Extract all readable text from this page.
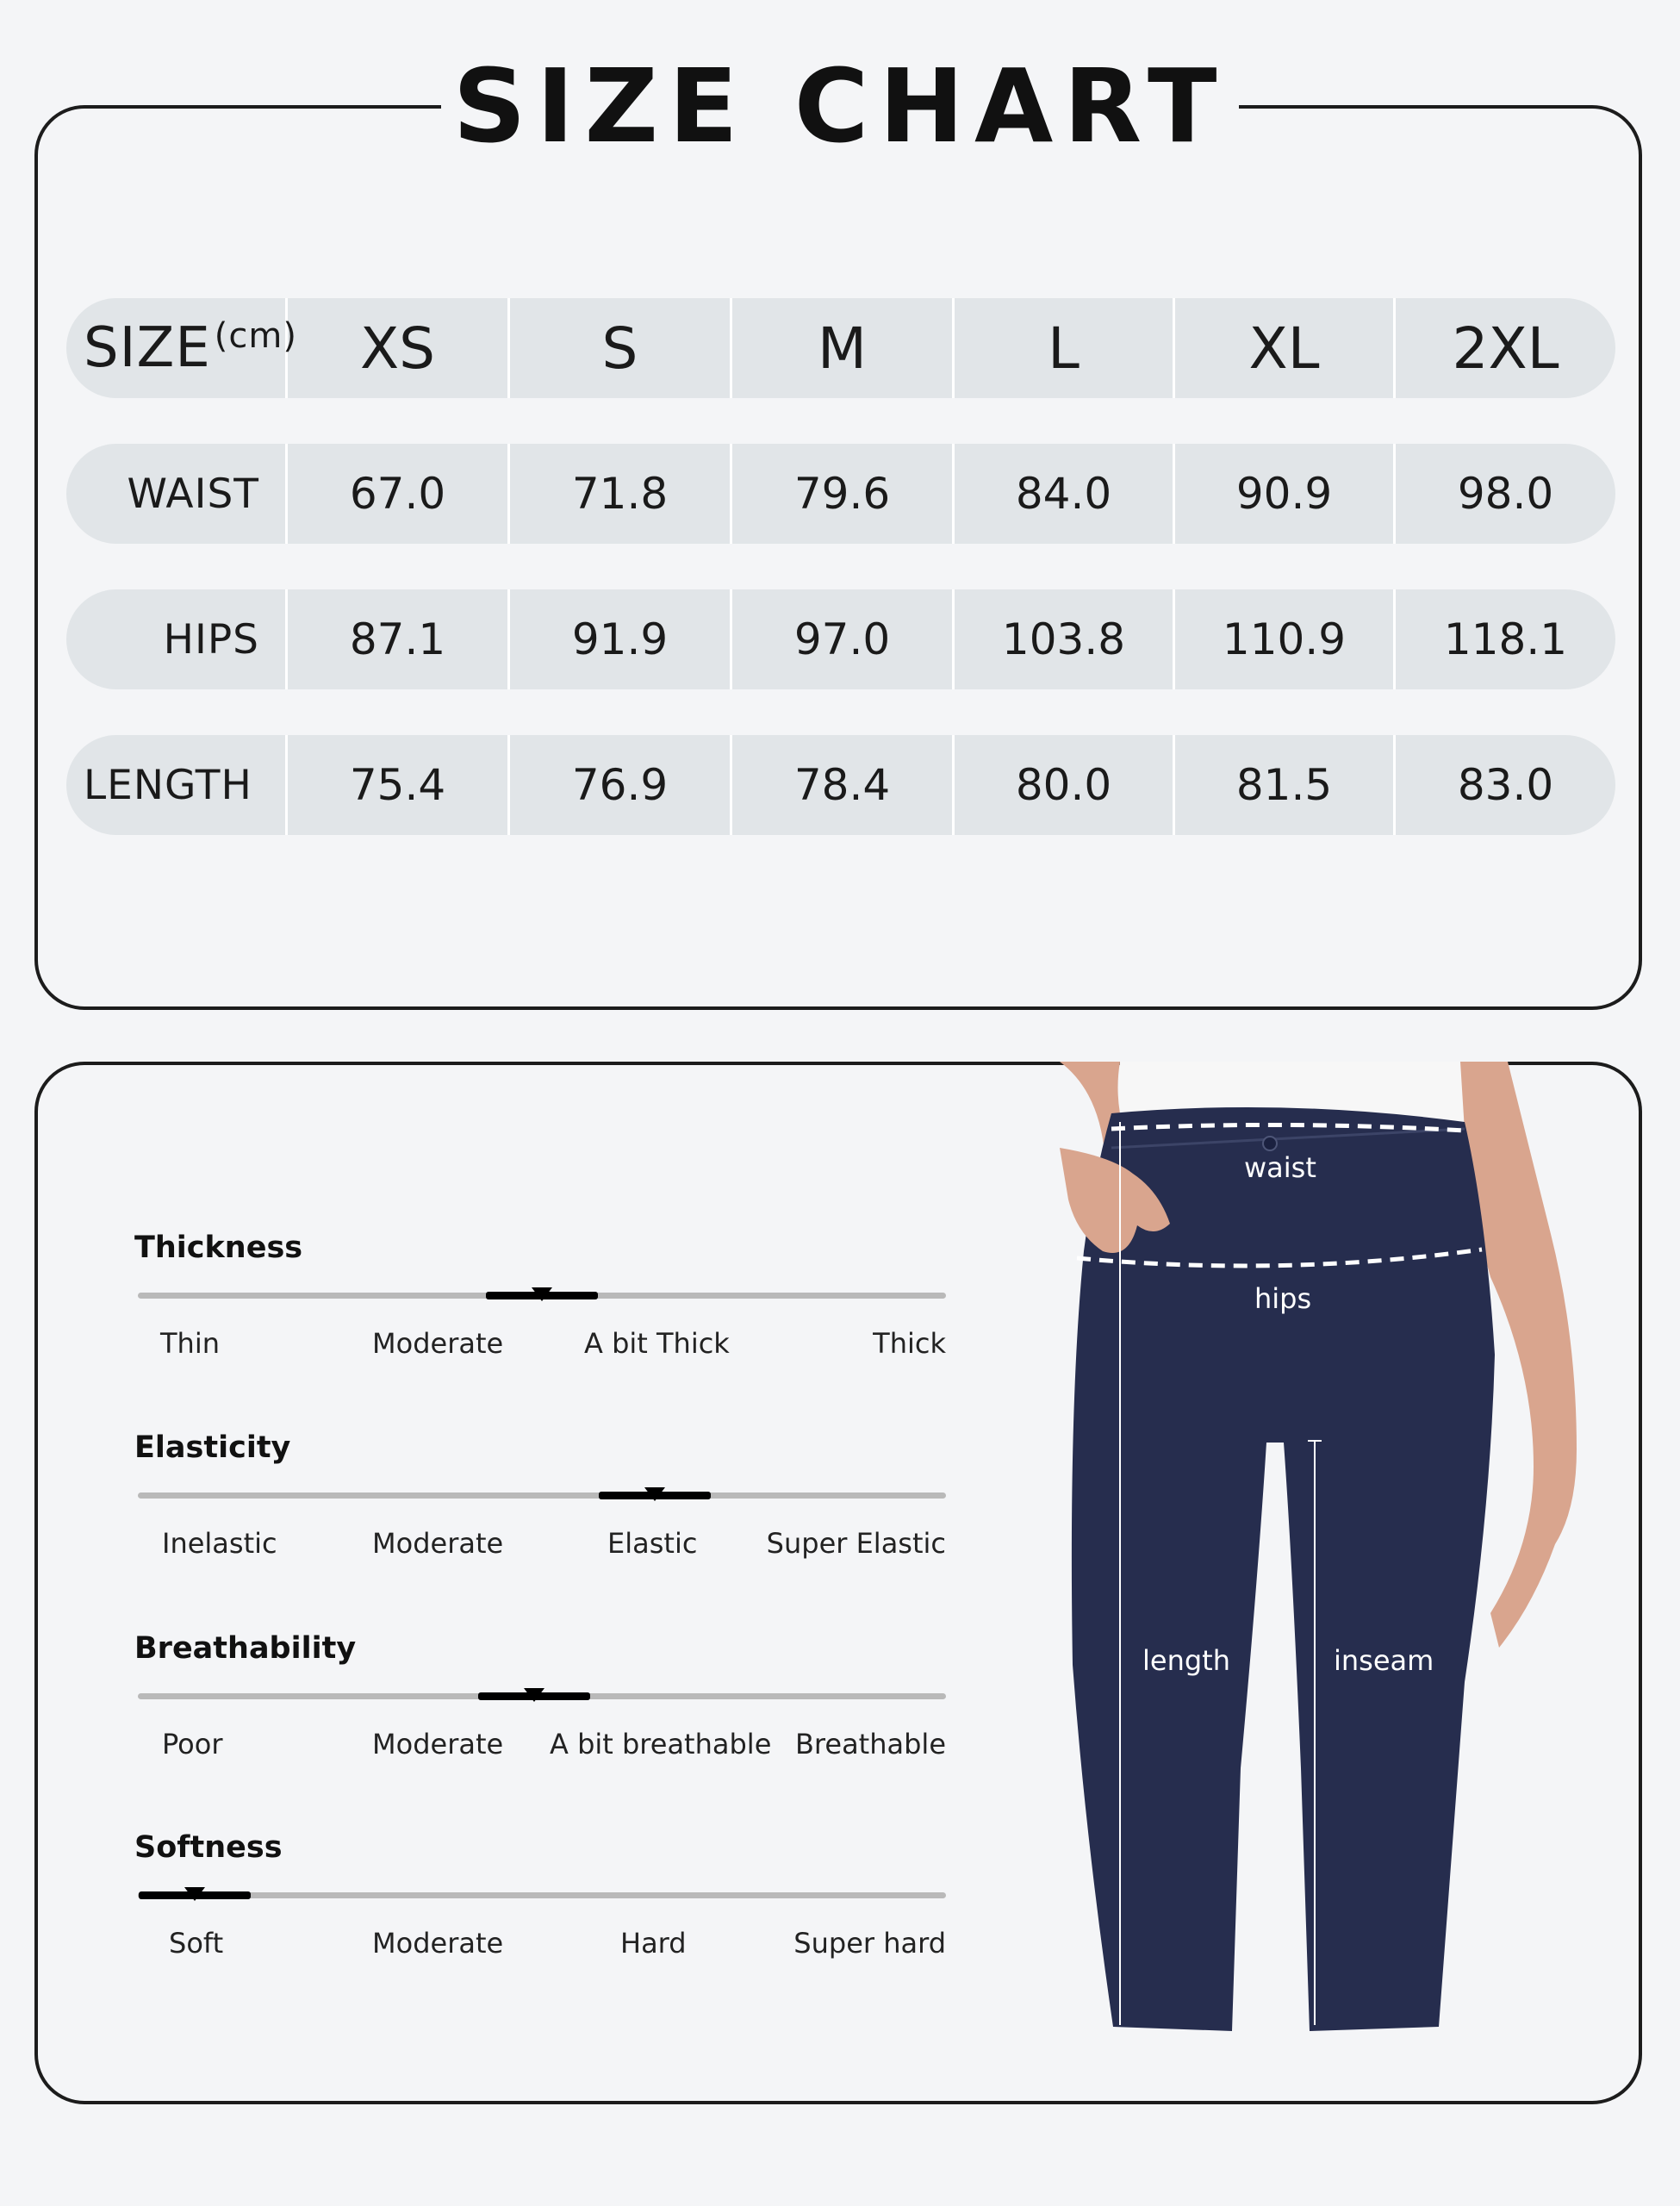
SIZE CHART
SIZE (cm)	XS	S	M	L	XL	2XL
WAIST	67.0	71.8	79.6	84.0	90.9	98.0
HIPS	87.1	91.9	97.0	103.8	110.9	118.1
LENGTH	75.4	76.9	78.4	80.0	81.5	83.0
Thickness
Thin	Moderate	A bit Thick	Thick
Elasticity
Inelastic	Moderate	Elastic	Super Elastic
Breathability
Poor	Moderate A bit breathable Breathable
Softness
Soft	Moderate	Hard	Super hard
waist
hips
length	inseam
